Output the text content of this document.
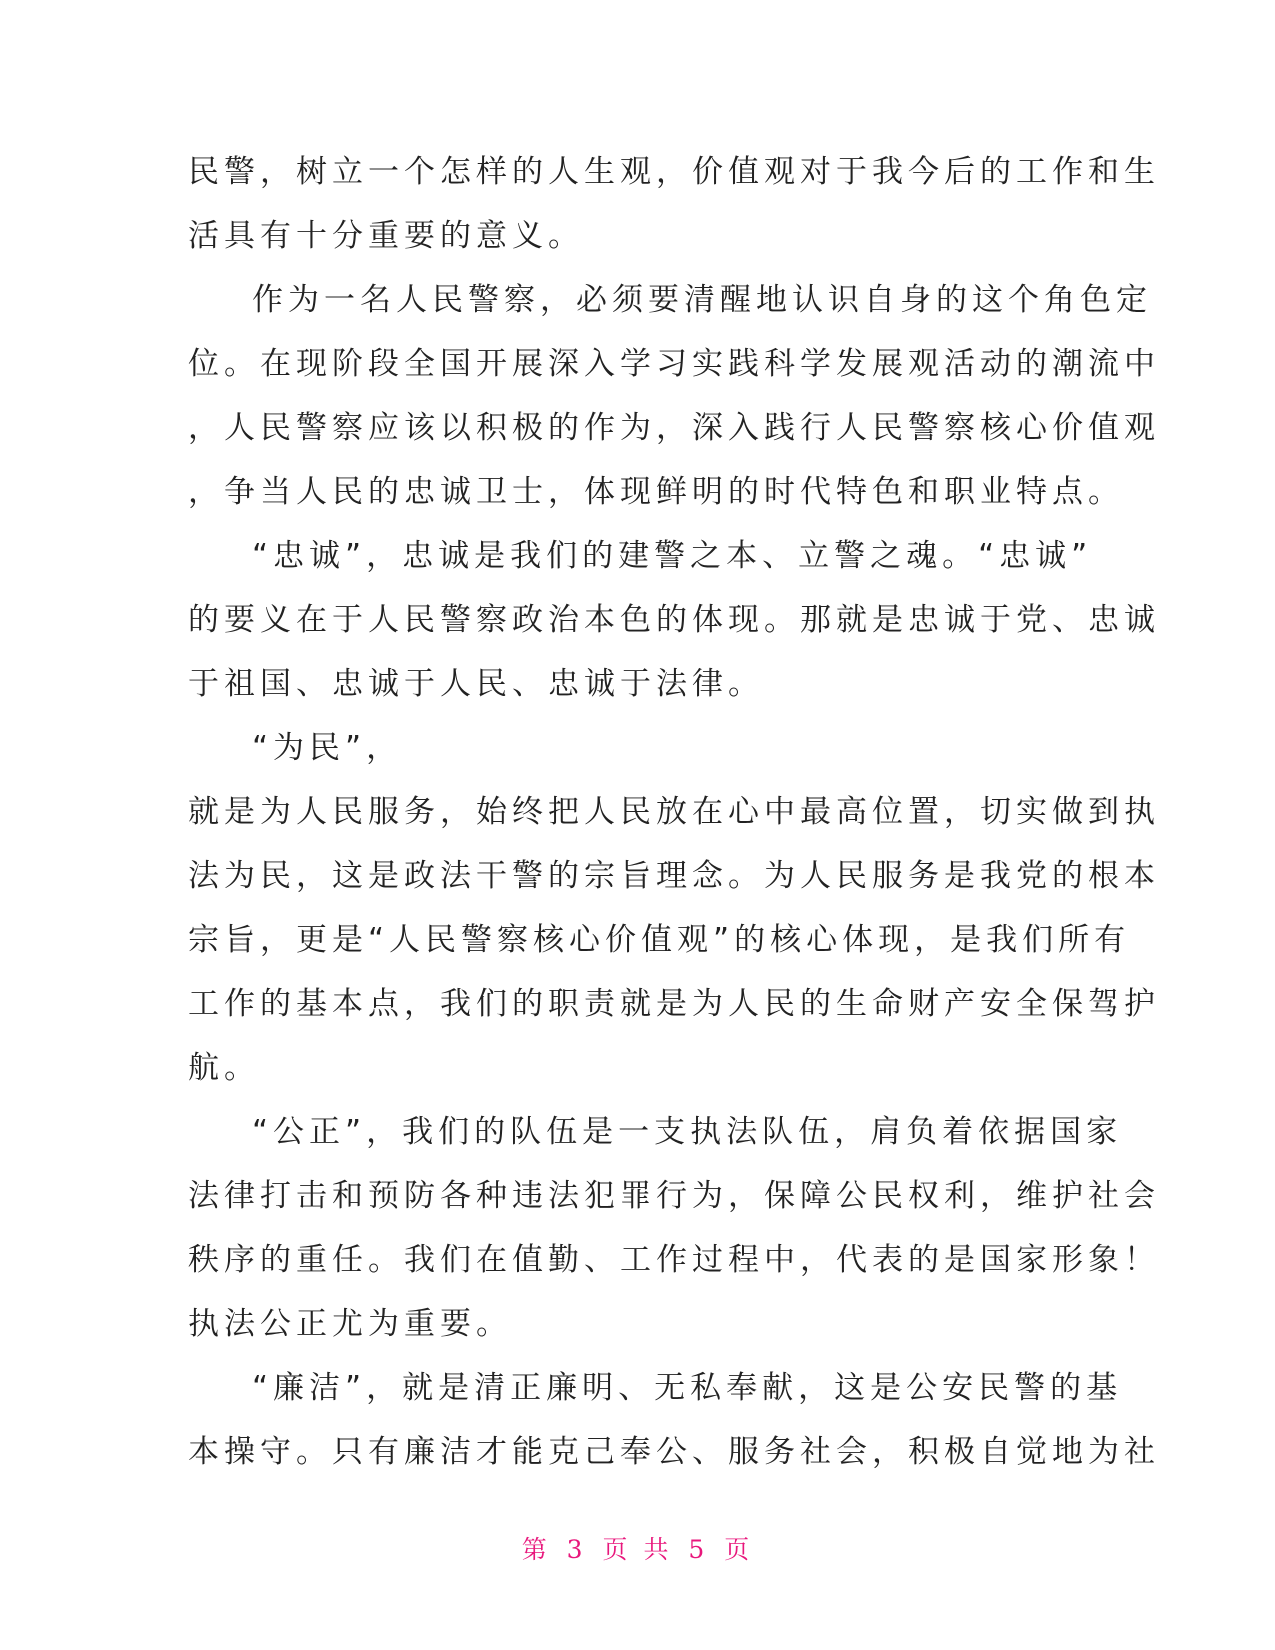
民警，树立一个怎样的人生观，价值观对于我今后的工作和生
活具有十分重要的意义。
作为一名人民警察，必须要清醒地认识自身的这个角色定
位。在现阶段全国开展深入学习实践科学发展观活动的潮流中
，人民警察应该以积极的作为，深入践行人民警察核心价值观
，争当人民的忠诚卫士，体现鲜明的时代特色和职业特点。
“忠诚”，忠诚是我们的建警之本、立警之魂。“忠诚”
的要义在于人民警察政治本色的体现。那就是忠诚于党、忠诚
于祖国、忠诚于人民、忠诚于法律。
“为民”，
就是为人民服务，始终把人民放在心中最高位置，切实做到执
法为民，这是政法干警的宗旨理念。为人民服务是我党的根本
宗旨，更是“人民警察核心价值观”的核心体现，是我们所有
工作的基本点，我们的职责就是为人民的生命财产安全保驾护
航。
“公正”，我们的队伍是一支执法队伍，肩负着依据国家
法律打击和预防各种违法犯罪行为，保障公民权利，维护社会
秩序的重任。我们在值勤、工作过程中，代表的是国家形象！
执法公正尤为重要。
“廉洁”，就是清正廉明、无私奉献，这是公安民警的基
本操守。只有廉洁才能克己奉公、服务社会，积极自觉地为社
第 3 页 共 5 页
